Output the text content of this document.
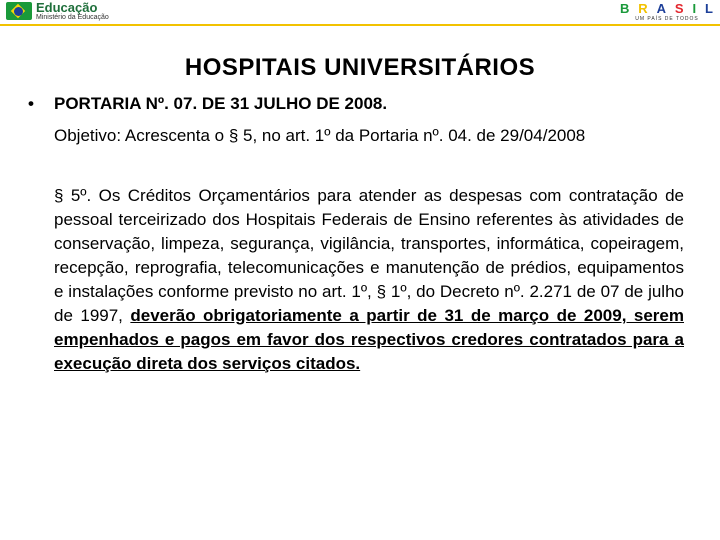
Educação
Ministério da Educação
B R A S I L
UM PAÍS DE TODOS
HOSPITAIS UNIVERSITÁRIOS
• PORTARIA Nº. 07. DE 31 JULHO DE 2008.
Objetivo: Acrescenta o § 5, no art. 1º da Portaria nº. 04. de 29/04/2008
§ 5º. Os Créditos Orçamentários para atender as despesas com contratação de pessoal terceirizado dos Hospitais Federais de Ensino referentes às atividades de conservação, limpeza, segurança, vigilância, transportes, informática, copeiragem, recepção, reprografia, telecomunicações e manutenção de prédios, equipamentos e instalações conforme previsto no art. 1º, § 1º, do Decreto nº. 2.271 de 07 de julho de 1997, deverão obrigatoriamente a partir de 31 de março de 2009, serem empenhados e pagos em favor dos respectivos credores contratados para a execução direta dos serviços citados.
